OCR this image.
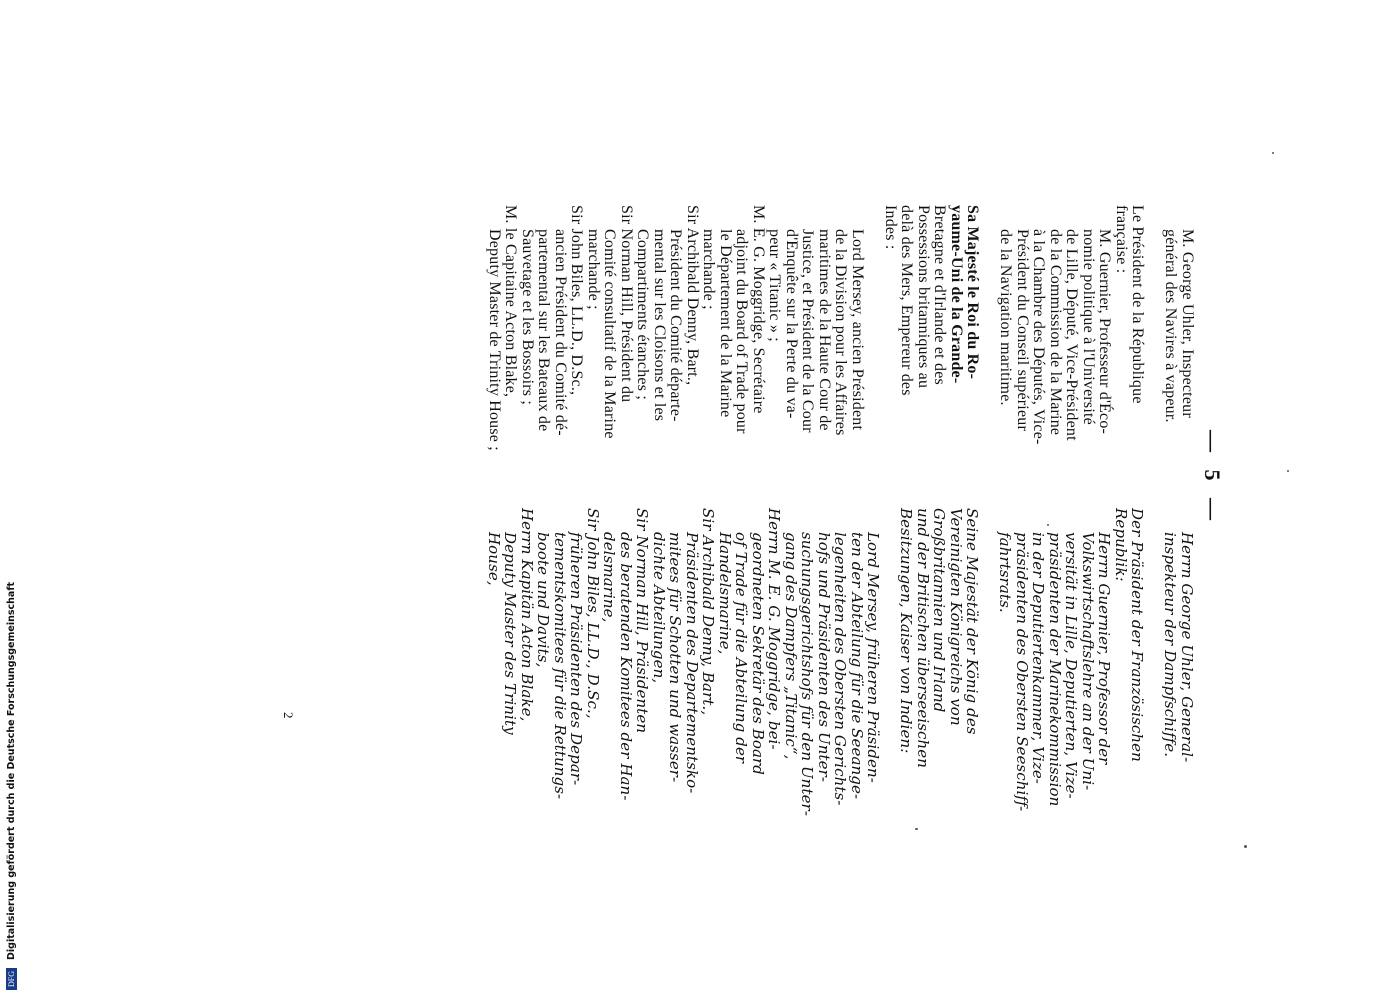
— 5 —
M. George Uhler, Inspecteur
général des Navires à vapeur.

Le Président de la République
française :
M. Guernier, Professeur d'Éco-
nomie politique à l'Université
de Lille, Député, Vice-Président
de la Commission de la Marine
à la Chambre des Députés, Vice-
Président du Conseil supérieur
de la Navigation maritime.

Sa Majesté le Roi du Ro-
yaume-Uni de la Grande-
Bretagne et d'Irlande et des
Possessions britanniques au
delà des Mers, Empereur des
Indes :

Lord Mersey, ancien Président
de la Division pour les Affaires
maritimes de la Haute Cour de
Justice, et Président de la Cour
d'Enquête sur la Perte du va-
peur « Titanic » ;
M. E. G. Moggridge, Secrétaire
adjoint du Board of Trade pour
le Département de la Marine
marchande ;
Sir Archibald Denny, Bart.,
Président du Comité départe-
mental sur les Cloisons et les
Compartiments étanches ;
Sir Norman Hill, Président du
Comité consultatif de la Marine
marchande ;
Sir John Biles, LL.D., D.Sc.,
ancien Président du Comité dé-
partemental sur les Bateaux de
Sauvetage et les Bossoirs ;
M. le Capitaine Acton Blake,
Deputy Master de Trinity House ;
Herrn George Uhler, General-
inspekteur der Dampfschiffe.

Der Präsident der Französischen
Republik:
Herrn Guernier, Professor der
Volkswirtschaftslehre an der Uni-
versität in Lille, Deputierten, Vize-
präsidenten der Marinekommission
in der Deputiertenkammer, Vize-
präsidenten des Obersten Seeschiff-
fahrtsrats.

Seine Majestät der König des
Vereinigten Königreichs von
Großbritannien und Irland
und der Britischen überseeischen
Besitzungen, Kaiser von Indien:

Lord Mersey, früheren Präsiden-
ten der Abteilung für die Seeange-
legenheiten des Obersten Gerichts-
hofs und Präsidenten des Unter-
suchungsgerichtshofs für den Unter-
gang des Dampfers „Titanic“,
Herrn M. E. G. Moggridge, bei-
geordneten Sekretär des Board
of Trade für die Abteilung der
Handelsmarine,
Sir Archibald Denny, Bart.,
Präsidenten des Departementsko-
mitees für Schotten und wasser-
dichte Abteilungen,
Sir Norman Hill, Präsidenten
des beratenden Komitees der Han-
delsmarine,
Sir John Biles, LL.D., D.Sc.,
früheren Präsidenten des Depar-
tementskomitees für die Rettungs-
boote und Davits,
Herrn Kapitän Acton Blake,
Deputy Master des Trinity
House,
2
DFG Digitalisierung gefördert durch die Deutsche Forschungsgemeinschaft
